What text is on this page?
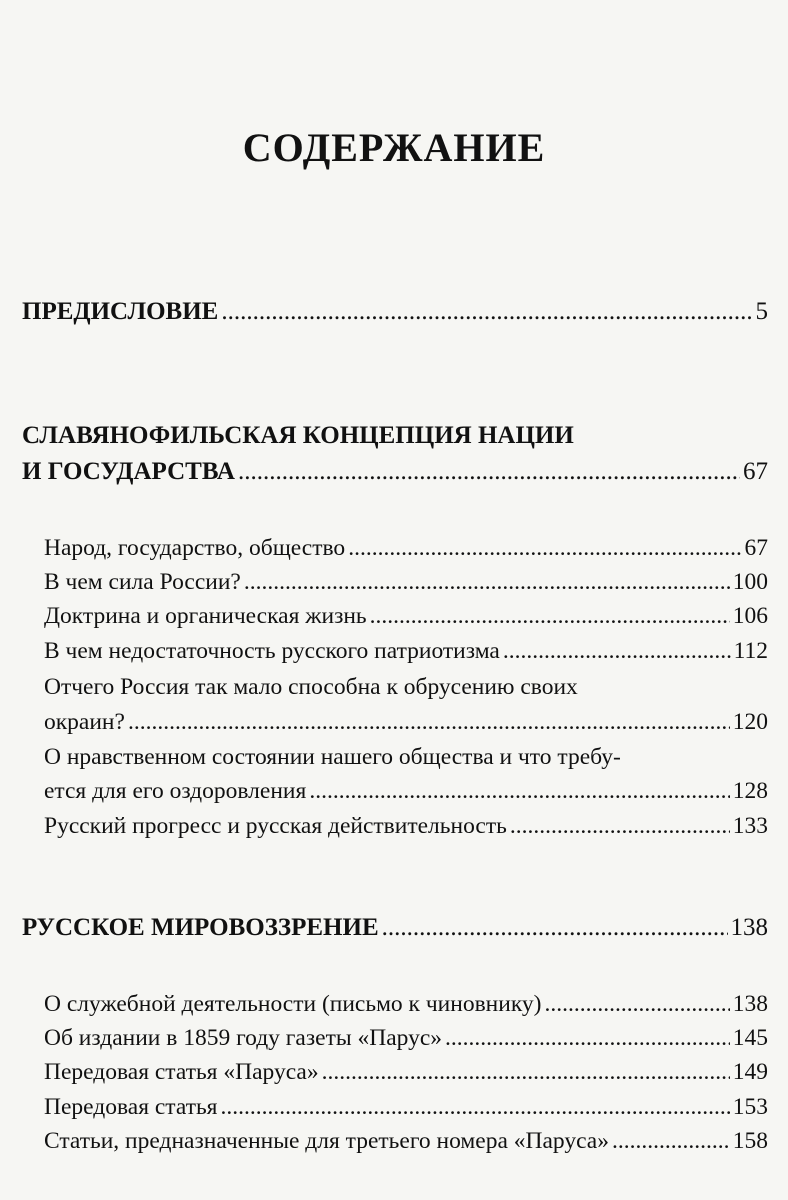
СОДЕРЖАНИЕ
ПРЕДИСЛОВИЕ .....	5
СЛАВЯНОФИЛЬСКАЯ КОНЦЕПЦИЯ НАЦИИ
И ГОСУДАРСТВА .....	67
Народ, государство, общество .....	67
В чем сила России? .....	100
Доктрина и органическая жизнь .....	106
В чем недостаточность русского патриотизма .....	112
Отчего Россия так мало способна к обрусению своих
окраин? .....	120
О нравственном состоянии нашего общества и что требу-
ется для его оздоровления .....	128
Русский прогресс и русская действительность .....	133
РУССКОЕ МИРОВОЗЗРЕНИЕ .....	138
О служебной деятельности (письмо к чиновнику) .....	138
Об издании в 1859 году газеты «Парус» .....	145
Передовая статья «Паруса» .....	149
Передовая статья .....	153
Статьи, предназначенные для третьего номера «Паруса» .....	158
